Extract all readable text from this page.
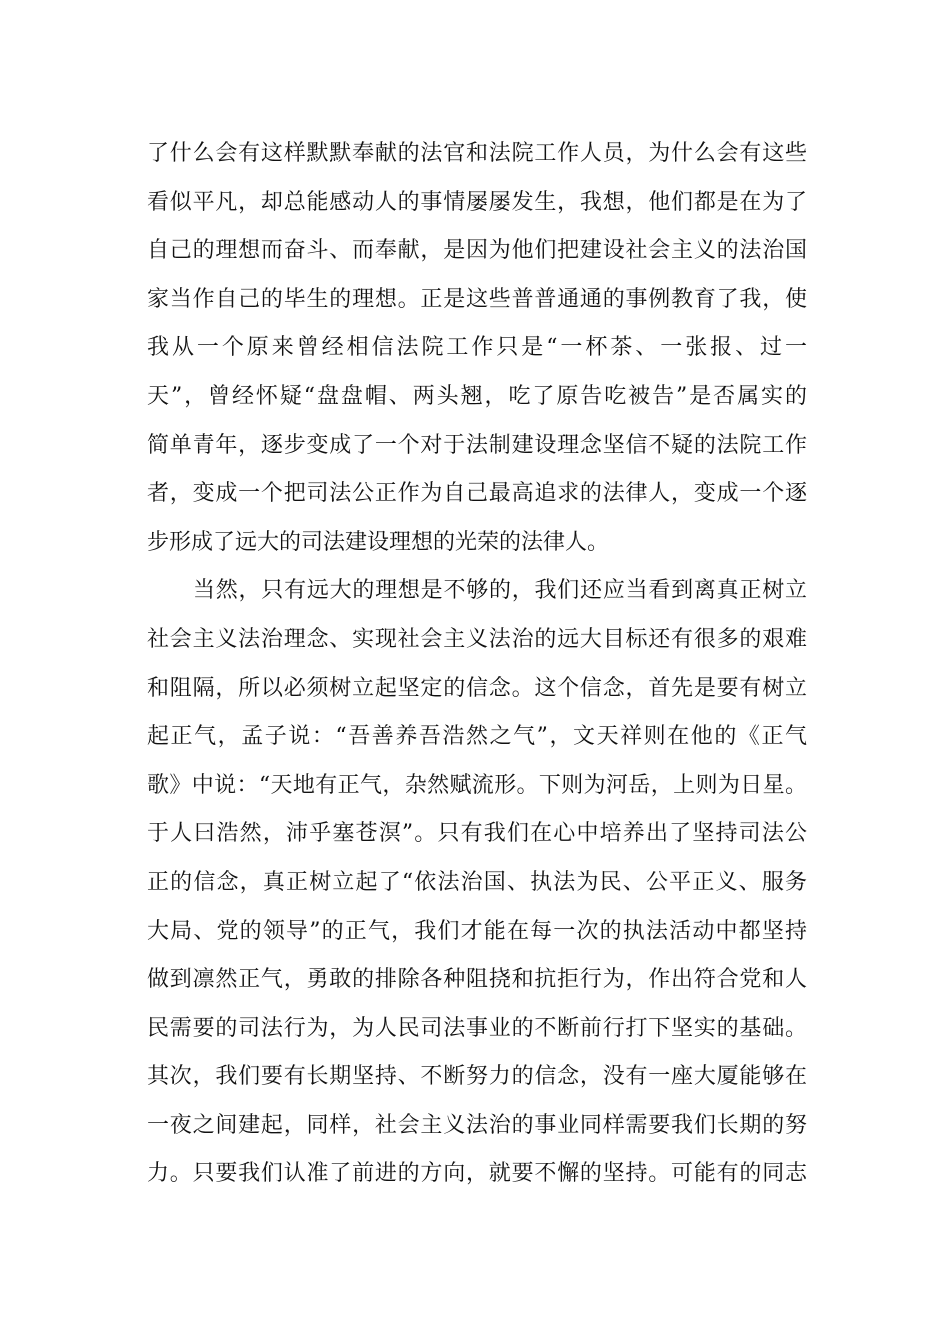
了什么会有这样默默奉献的法官和法院工作人员，为什么会有这些
看似平凡，却总能感动人的事情屡屡发生，我想，他们都是在为了
自己的理想而奋斗、而奉献，是因为他们把建设社会主义的法治国
家当作自己的毕生的理想。正是这些普普通通的事例教育了我，使
我从一个原来曾经相信法院工作只是“一杯茶、一张报、过一
天”，曾经怀疑“盘盘帽、两头翘，吃了原告吃被告”是否属实的
简单青年，逐步变成了一个对于法制建设理念坚信不疑的法院工作
者，变成一个把司法公正作为自己最高追求的法律人，变成一个逐
步形成了远大的司法建设理想的光荣的法律人。
当然，只有远大的理想是不够的，我们还应当看到离真正树立
社会主义法治理念、实现社会主义法治的远大目标还有很多的艰难
和阻隔，所以必须树立起坚定的信念。这个信念，首先是要有树立
起正气，孟子说：“吾善养吾浩然之气”，文天祥则在他的《正气
歌》中说：“天地有正气，杂然赋流形。下则为河岳，上则为日星。
于人曰浩然，沛乎塞苍溟”。只有我们在心中培养出了坚持司法公
正的信念，真正树立起了“依法治国、执法为民、公平正义、服务
大局、党的领导”的正气，我们才能在每一次的执法活动中都坚持
做到凛然正气，勇敢的排除各种阻挠和抗拒行为，作出符合党和人
民需要的司法行为，为人民司法事业的不断前行打下坚实的基础。
其次，我们要有长期坚持、不断努力的信念，没有一座大厦能够在
一夜之间建起，同样，社会主义法治的事业同样需要我们长期的努
力。只要我们认准了前进的方向，就要不懈的坚持。可能有的同志
